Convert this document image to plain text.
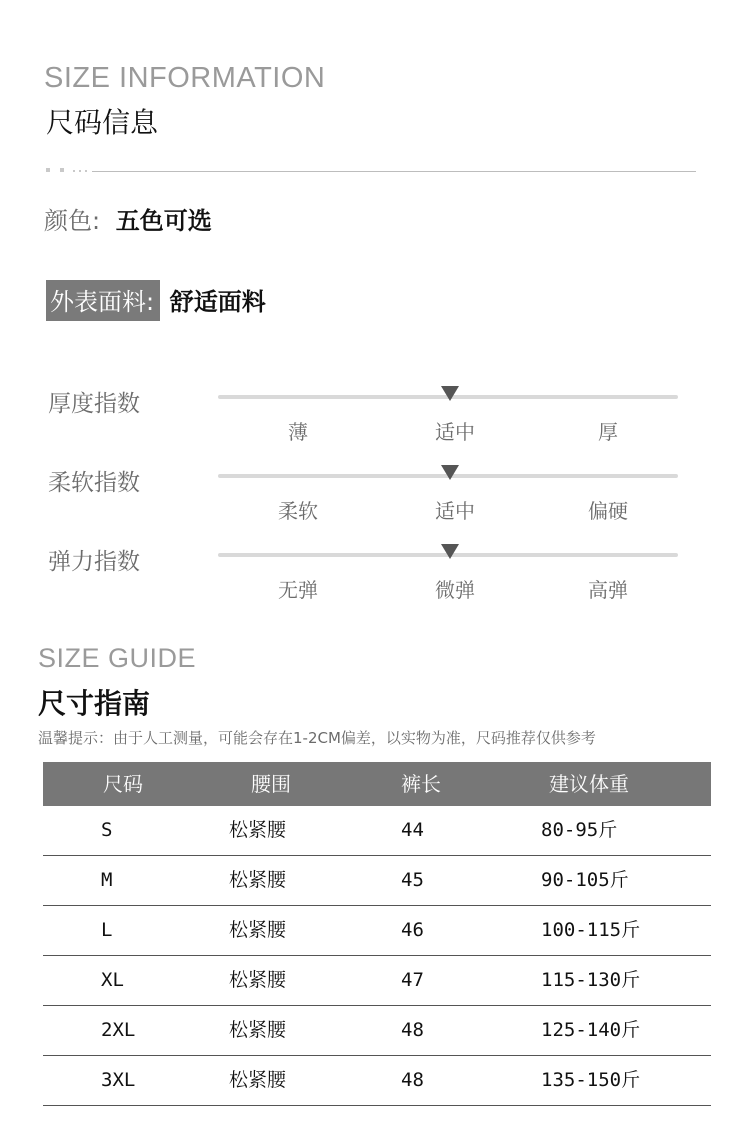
SIZE INFORMATION
尺码信息
颜色: 五色可选
外表面料: 舒适面料
厚度指数
薄	适中	厚
柔软指数
柔软	适中	偏硬
弹力指数
无弹	微弹	高弹
SIZE GUIDE
尺寸指南
温馨提示：由于人工测量，可能会存在1-2CM偏差，以实物为准，尺码推荐仅供参考
尺码	腰围	裤长	建议体重
S	松紧腰	44	80-95斤
M	松紧腰	45	90-105斤
L	松紧腰	46	100-115斤
XL	松紧腰	47	115-130斤
2XL	松紧腰	48	125-140斤
3XL	松紧腰	48	135-150斤
